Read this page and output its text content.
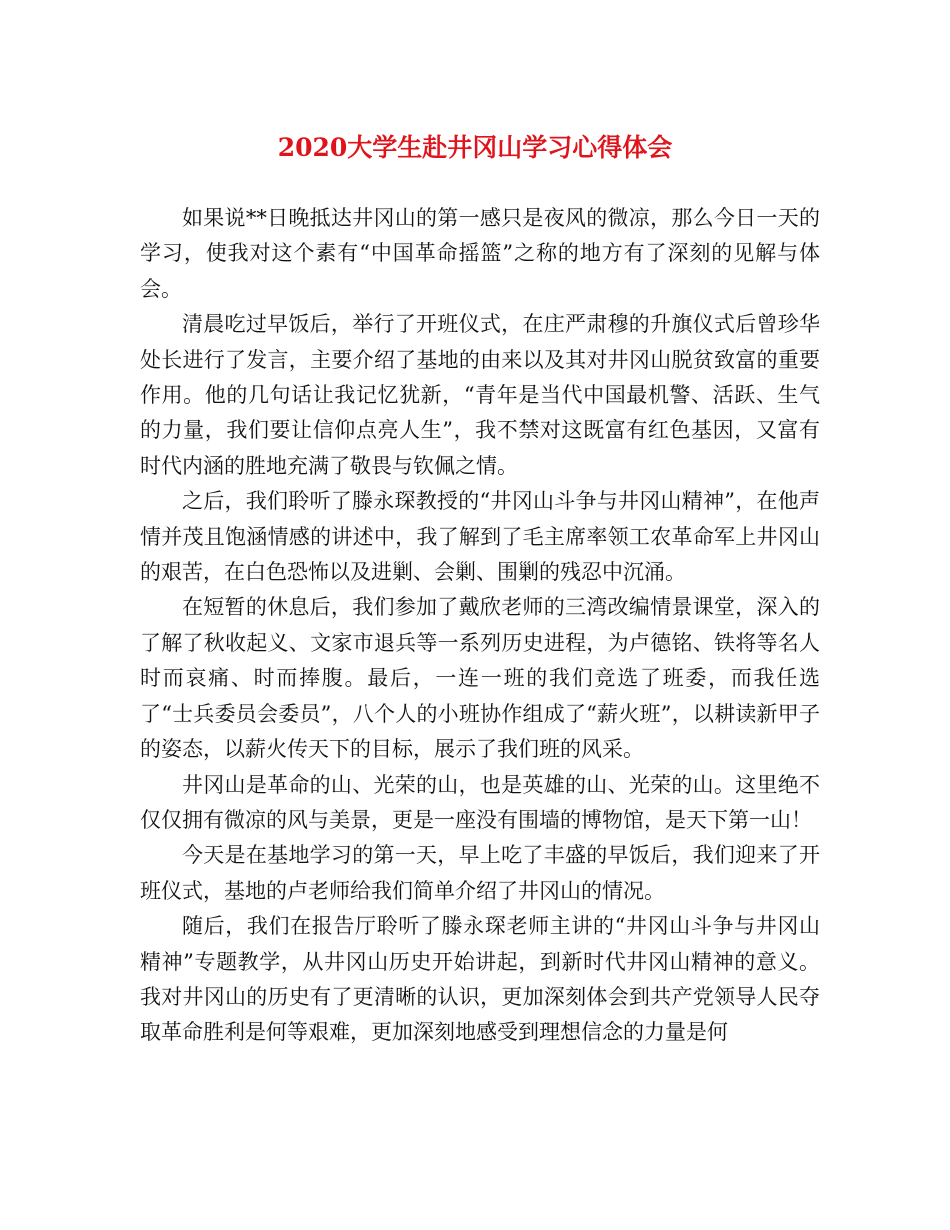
2020大学生赴井冈山学习心得体会

如果说**日晚抵达井冈山的第一感只是夜风的微凉，那么今日一天的学习，使我对这个素有“中国革命摇篮”之称的地方有了深刻的见解与体会。

清晨吃过早饭后，举行了开班仪式，在庄严肃穆的升旗仪式后曾珍华处长进行了发言，主要介绍了基地的由来以及其对井冈山脱贫致富的重要作用。他的几句话让我记忆犹新，“青年是当代中国最机警、活跃、生气的力量，我们要让信仰点亮人生”，我不禁对这既富有红色基因，又富有时代内涵的胜地充满了敬畏与钦佩之情。

之后，我们聆听了滕永琛教授的“井冈山斗争与井冈山精神”，在他声情并茂且饱涵情感的讲述中，我了解到了毛主席率领工农革命军上井冈山的艰苦，在白色恐怖以及进剿、会剿、围剿的残忍中沉涌。

在短暂的休息后，我们参加了戴欣老师的三湾改编情景课堂，深入的了解了秋收起义、文家市退兵等一系列历史进程，为卢德铭、铁将等名人时而哀痛、时而捧腹。最后，一连一班的我们竞选了班委，而我任选了“士兵委员会委员”，八个人的小班协作组成了“薪火班”，以耕读新甲子的姿态，以薪火传天下的目标，展示了我们班的风采。

井冈山是革命的山、光荣的山，也是英雄的山、光荣的山。这里绝不仅仅拥有微凉的风与美景，更是一座没有围墙的博物馆，是天下第一山！

今天是在基地学习的第一天，早上吃了丰盛的早饭后，我们迎来了开班仪式，基地的卢老师给我们简单介绍了井冈山的情况。

随后，我们在报告厅聆听了滕永琛老师主讲的“井冈山斗争与井冈山精神”专题教学，从井冈山历史开始讲起，到新时代井冈山精神的意义。我对井冈山的历史有了更清晰的认识，更加深刻体会到共产党领导人民夺取革命胜利是何等艰难，更加深刻地感受到理想信念的力量是何
